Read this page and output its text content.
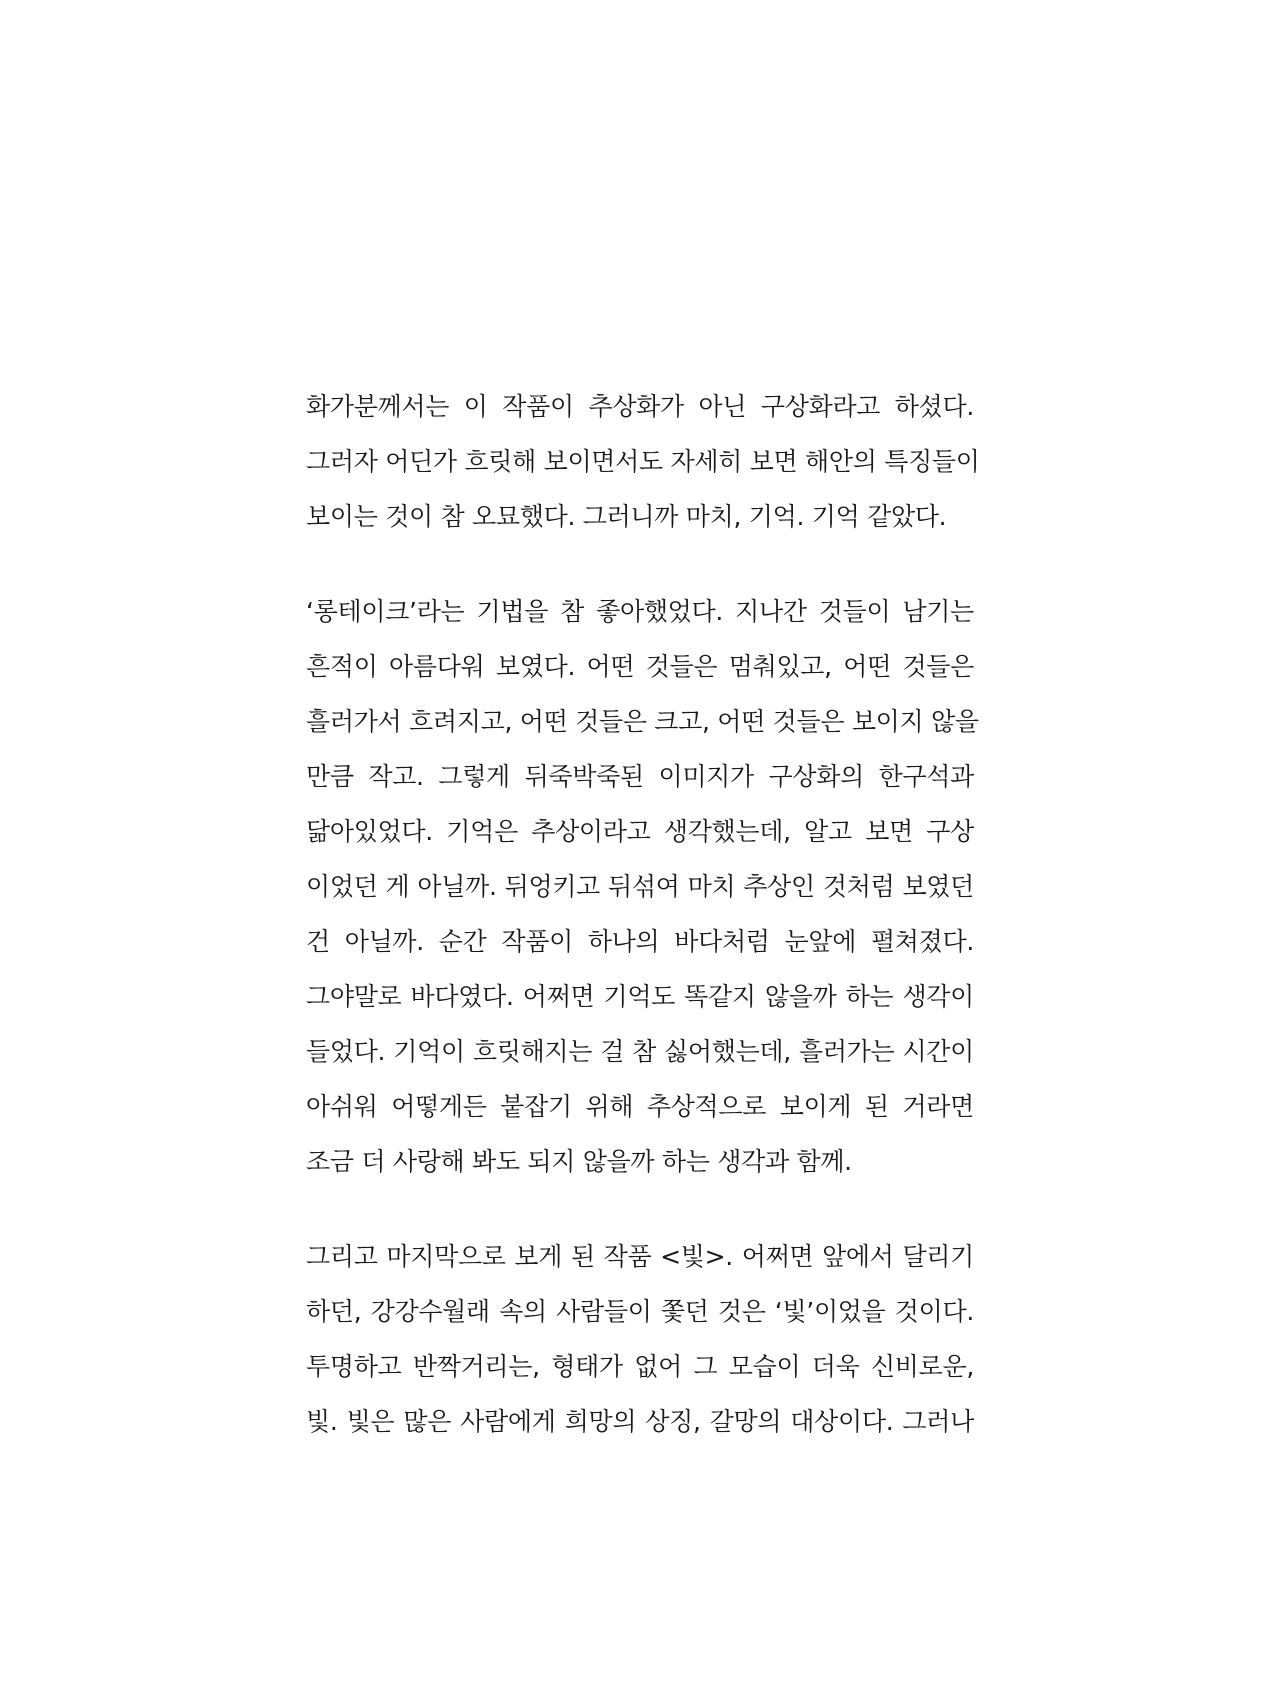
화가분께서는 이 작품이 추상화가 아닌 구상화라고 하셨다.
그러자 어딘가 흐릿해 보이면서도 자세히 보면 해안의 특징들이
보이는 것이 참 오묘했다. 그러니까 마치, 기억. 기억 같았다.

‘롱테이크’라는 기법을 참 좋아했었다. 지나간 것들이 남기는
흔적이 아름다워 보였다. 어떤 것들은 멈춰있고, 어떤 것들은
흘러가서 흐려지고, 어떤 것들은 크고, 어떤 것들은 보이지 않을
만큼 작고. 그렇게 뒤죽박죽된 이미지가 구상화의 한구석과
닮아있었다. 기억은 추상이라고 생각했는데, 알고 보면 구상
이었던 게 아닐까. 뒤엉키고 뒤섞여 마치 추상인 것처럼 보였던
건 아닐까. 순간 작품이 하나의 바다처럼 눈앞에 펼쳐졌다.
그야말로 바다였다. 어쩌면 기억도 똑같지 않을까 하는 생각이
들었다. 기억이 흐릿해지는 걸 참 싫어했는데, 흘러가는 시간이
아쉬워 어떻게든 붙잡기 위해 추상적으로 보이게 된 거라면
조금 더 사랑해 봐도 되지 않을까 하는 생각과 함께.

그리고 마지막으로 보게 된 작품 <빛>. 어쩌면 앞에서 달리기
하던, 강강수월래 속의 사람들이 쫓던 것은 ‘빛’이었을 것이다.
투명하고 반짝거리는, 형태가 없어 그 모습이 더욱 신비로운,
빛. 빛은 많은 사람에게 희망의 상징, 갈망의 대상이다. 그러나
